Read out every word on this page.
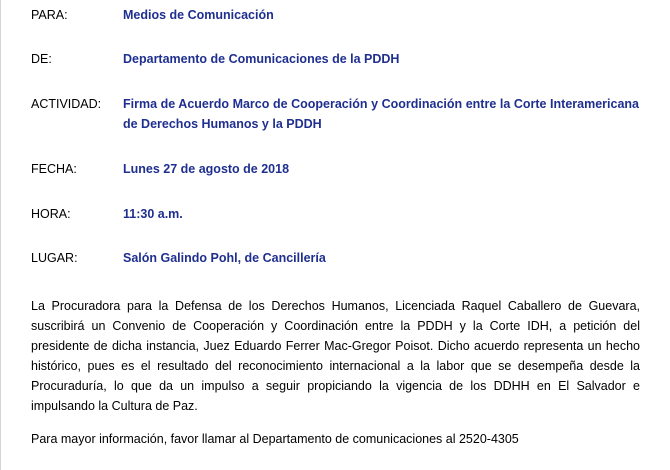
PARA:	Medios de Comunicación
DE:	Departamento de Comunicaciones de la PDDH
ACTIVIDAD: Firma de Acuerdo Marco de Cooperación y Coordinación entre la Corte Interamericana de Derechos Humanos y la PDDH
FECHA:	Lunes 27 de agosto de 2018
HORA:	11:30 a.m.
LUGAR:	Salón Galindo Pohl, de Cancillería

La Procuradora para la Defensa de los Derechos Humanos, Licenciada Raquel Caballero de Guevara, suscribirá un Convenio de Cooperación y Coordinación entre la PDDH y la Corte IDH, a petición del presidente de dicha instancia, Juez Eduardo Ferrer Mac-Gregor Poisot. Dicho acuerdo representa un hecho histórico, pues es el resultado del reconocimiento internacional a la labor que se desempeña desde la Procuraduría, lo que da un impulso a seguir propiciando la vigencia de los DDHH en El Salvador e impulsando la Cultura de Paz.

Para mayor información, favor llamar al Departamento de comunicaciones al 2520-4305
